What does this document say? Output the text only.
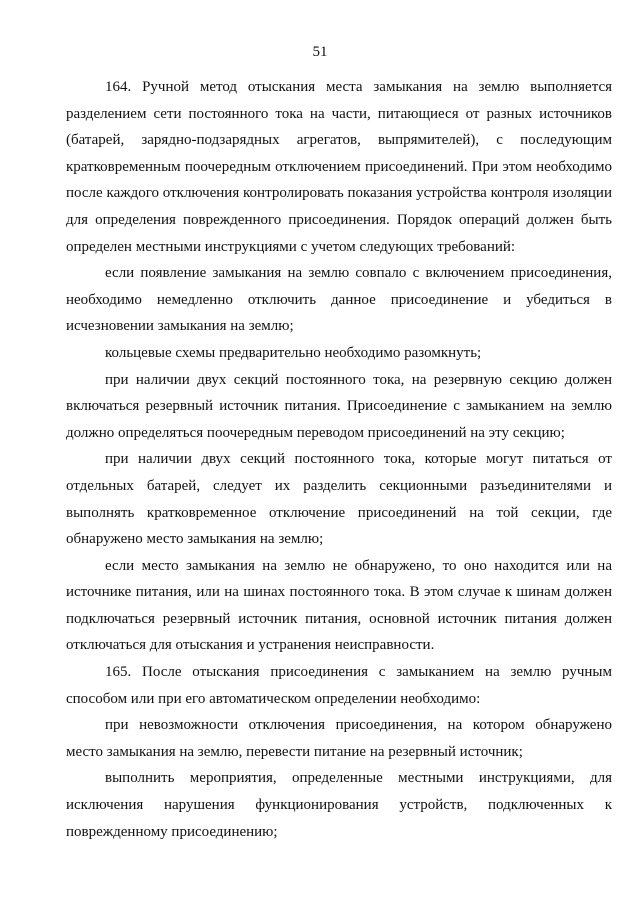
51

164. Ручной метод отыскания места замыкания на землю выполняется разделением сети постоянного тока на части, питающиеся от разных источников (батарей, зарядно-подзарядных агрегатов, выпрямителей), с последующим кратковременным поочередным отключением присоединений. При этом необходимо после каждого отключения контролировать показания устройства контроля изоляции для определения поврежденного присоединения. Порядок операций должен быть определен местными инструкциями с учетом следующих требований:

если появление замыкания на землю совпало с включением присоединения, необходимо немедленно отключить данное присоединение и убедиться в исчезновении замыкания на землю;

кольцевые схемы предварительно необходимо разомкнуть;

при наличии двух секций постоянного тока, на резервную секцию должен включаться резервный источник питания. Присоединение с замыканием на землю должно определяться поочередным переводом присоединений на эту секцию;

при наличии двух секций постоянного тока, которые могут питаться от отдельных батарей, следует их разделить секционными разъединителями и выполнять кратковременное отключение присоединений на той секции, где обнаружено место замыкания на землю;

если место замыкания на землю не обнаружено, то оно находится или на источнике питания, или на шинах постоянного тока. В этом случае к шинам должен подключаться резервный источник питания, основной источник питания должен отключаться для отыскания и устранения неисправности.

165. После отыскания присоединения с замыканием на землю ручным способом или при его автоматическом определении необходимо:

при невозможности отключения присоединения, на котором обнаружено место замыкания на землю, перевести питание на резервный источник;

выполнить мероприятия, определенные местными инструкциями, для исключения нарушения функционирования устройств, подключенных к поврежденному присоединению;
